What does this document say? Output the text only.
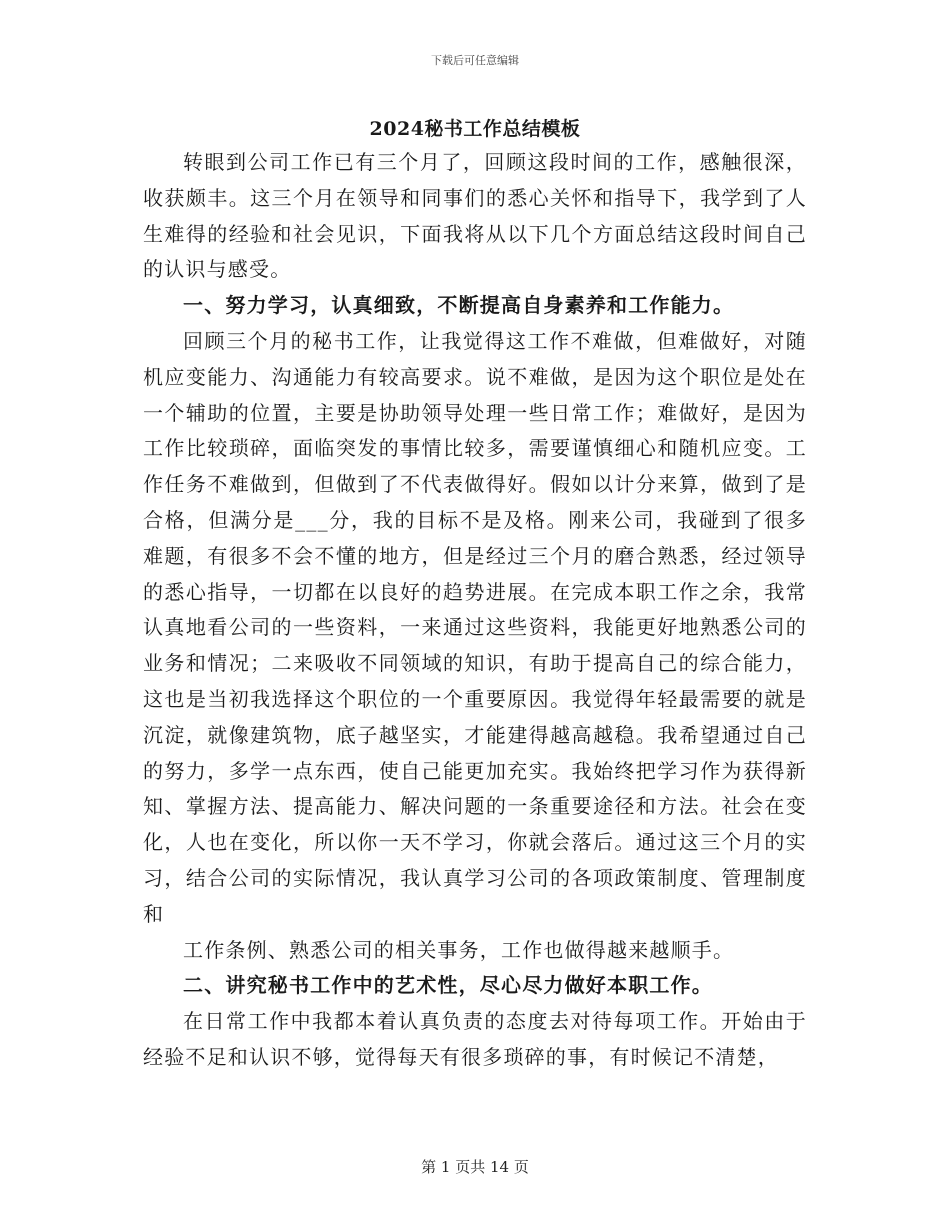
下载后可任意编辑
2024秘书工作总结模板

转眼到公司工作已有三个月了，回顾这段时间的工作，感触很深，收获颇丰。这三个月在领导和同事们的悉心关怀和指导下，我学到了人生难得的经验和社会见识，下面我将从以下几个方面总结这段时间自己的认识与感受。

一、努力学习，认真细致，不断提高自身素养和工作能力。

回顾三个月的秘书工作，让我觉得这工作不难做，但难做好，对随机应变能力、沟通能力有较高要求。说不难做，是因为这个职位是处在一个辅助的位置，主要是协助领导处理一些日常工作；难做好，是因为工作比较琐碎，面临突发的事情比较多，需要谨慎细心和随机应变。工作任务不难做到，但做到了不代表做得好。假如以计分来算，做到了是合格，但满分是___分，我的目标不是及格。刚来公司，我碰到了很多难题，有很多不会不懂的地方，但是经过三个月的磨合熟悉，经过领导的悉心指导，一切都在以良好的趋势进展。在完成本职工作之余，我常认真地看公司的一些资料，一来通过这些资料，我能更好地熟悉公司的业务和情况；二来吸收不同领域的知识，有助于提高自己的综合能力，这也是当初我选择这个职位的一个重要原因。我觉得年轻最需要的就是沉淀，就像建筑物，底子越坚实，才能建得越高越稳。我希望通过自己的努力，多学一点东西，使自己能更加充实。我始终把学习作为获得新知、掌握方法、提高能力、解决问题的一条重要途径和方法。社会在变化，人也在变化，所以你一天不学习，你就会落后。通过这三个月的实习，结合公司的实际情况，我认真学习公司的各项政策制度、管理制度和

工作条例、熟悉公司的相关事务，工作也做得越来越顺手。

二、讲究秘书工作中的艺术性，尽心尽力做好本职工作。

在日常工作中我都本着认真负责的态度去对待每项工作。开始由于经验不足和认识不够，觉得每天有很多琐碎的事，有时候记不清楚，

第 1 页共 14 页
